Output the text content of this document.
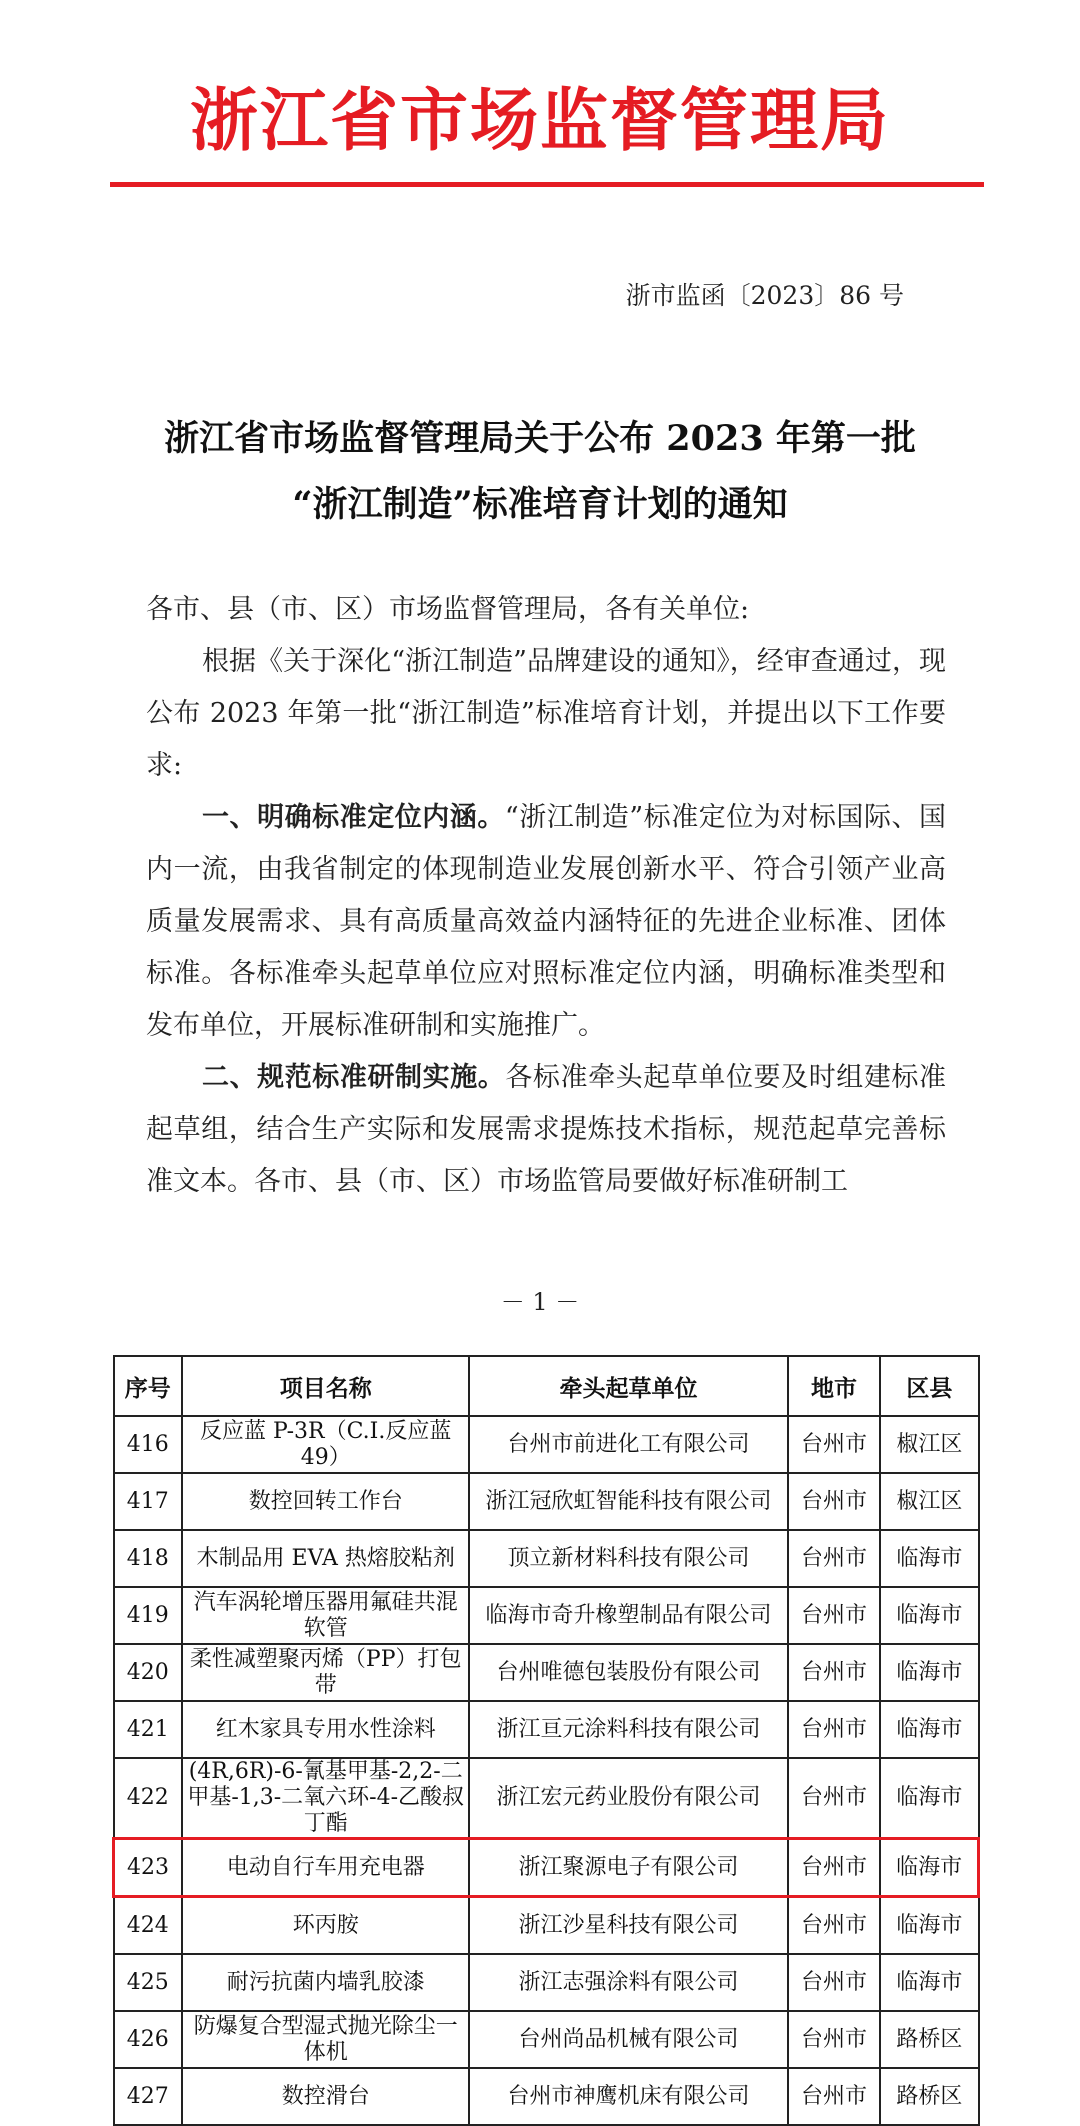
浙江省市场监督管理局
浙市监函〔2023〕86 号
浙江省市场监督管理局关于公布 2023 年第一批
“浙江制造”标准培育计划的通知

各市、县（市、区）市场监督管理局，各有关单位:

根据《关于深化“浙江制造”品牌建设的通知》，经审查通过，现公布 2023 年第一批“浙江制造”标准培育计划，并提出以下工作要求:

一、明确标准定位内涵。“浙江制造”标准定位为对标国际、国内一流，由我省制定的体现制造业发展创新水平、符合引领产业高质量发展需求、具有高质量高效益内涵特征的先进企业标准、团体标准。各标准牵头起草单位应对照标准定位内涵，明确标准类型和发布单位，开展标准研制和实施推广。

二、规范标准研制实施。各标准牵头起草单位要及时组建标准起草组，结合生产实际和发展需求提炼技术指标，规范起草完善标准文本。各市、县（市、区）市场监管局要做好标准研制工

－ 1 －
序号	项目名称	牵头起草单位	地市	区县
416	反应蓝 P-3R（C.I.反应蓝 49）	台州市前进化工有限公司	台州市	椒江区
417	数控回转工作台	浙江冠欣虹智能科技有限公司	台州市	椒江区
418	木制品用 EVA 热熔胶粘剂	顶立新材料科技有限公司	台州市	临海市
419	汽车涡轮增压器用氟硅共混软管	临海市奇升橡塑制品有限公司	台州市	临海市
420	柔性减塑聚丙烯（PP）打包带	台州唯德包装股份有限公司	台州市	临海市
421	红木家具专用水性涂料	浙江亘元涂料科技有限公司	台州市	临海市
422	(4R,6R)-6-氰基甲基-2,2-二甲基-1,3-二氧六环-4-乙酸叔丁酯	浙江宏元药业股份有限公司	台州市	临海市
423	电动自行车用充电器	浙江聚源电子有限公司	台州市	临海市
424	环丙胺	浙江沙星科技有限公司	台州市	临海市
425	耐污抗菌内墙乳胶漆	浙江志强涂料有限公司	台州市	临海市
426	防爆复合型湿式抛光除尘一体机	台州尚品机械有限公司	台州市	路桥区
427	数控滑台	台州市神鹰机床有限公司	台州市	路桥区
